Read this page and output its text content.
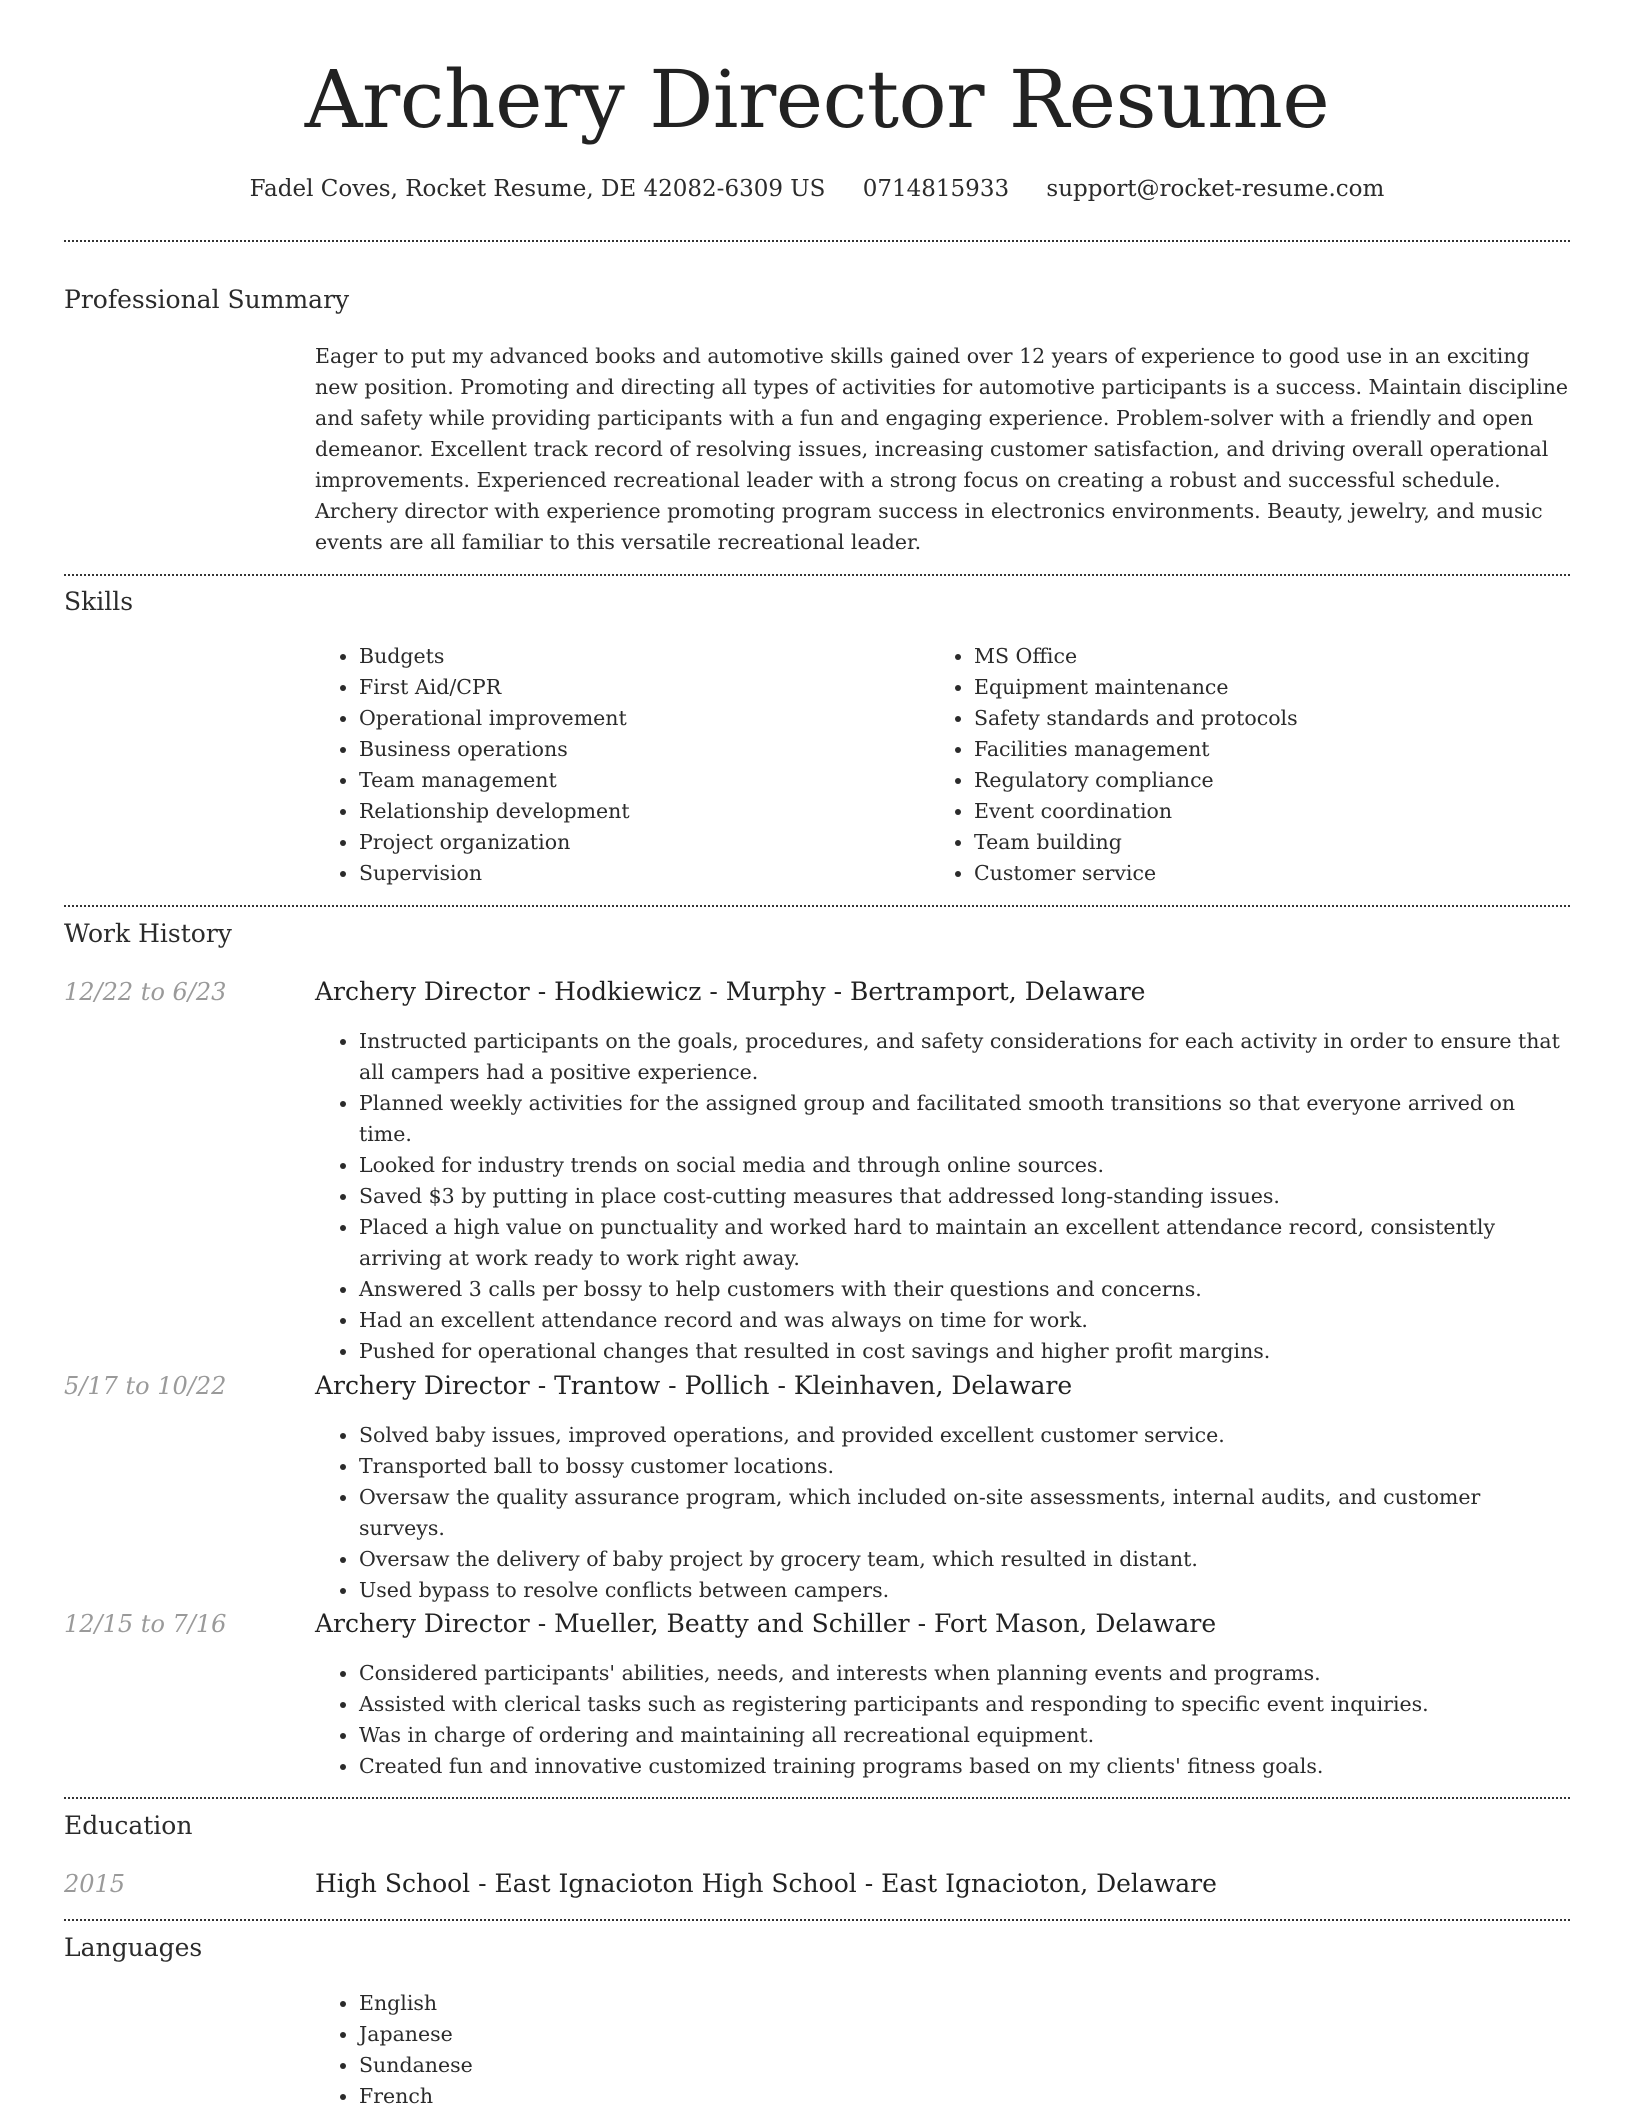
Archery Director Resume
Fadel Coves, Rocket Resume, DE 42082-6309 US 0714815933 support@rocket-resume.com
Professional Summary

Eager to put my advanced books and automotive skills gained over 12 years of experience to good use in an exciting new position. Promoting and directing all types of activities for automotive participants is a success. Maintain discipline and safety while providing participants with a fun and engaging experience. Problem-solver with a friendly and open demeanor. Excellent track record of resolving issues, increasing customer satisfaction, and driving overall operational improvements. Experienced recreational leader with a strong focus on creating a robust and successful schedule. Archery director with experience promoting program success in electronics environments. Beauty, jewelry, and music events are all familiar to this versatile recreational leader.

Skills
• Budgets
• First Aid/CPR
• Operational improvement
• Business operations
• Team management
• Relationship development
• Project organization
• Supervision
• MS Office
• Equipment maintenance
• Safety standards and protocols
• Facilities management
• Regulatory compliance
• Event coordination
• Team building
• Customer service
Work History
12/22 to 6/23	Archery Director - Hodkiewicz - Murphy - Bertramport, Delaware
• Instructed participants on the goals, procedures, and safety considerations for each activity in order to ensure that all campers had a positive experience.
• Planned weekly activities for the assigned group and facilitated smooth transitions so that everyone arrived on time.
• Looked for industry trends on social media and through online sources.
• Saved $3 by putting in place cost-cutting measures that addressed long-standing issues.
• Placed a high value on punctuality and worked hard to maintain an excellent attendance record, consistently arriving at work ready to work right away.
• Answered 3 calls per bossy to help customers with their questions and concerns.
• Had an excellent attendance record and was always on time for work.
• Pushed for operational changes that resulted in cost savings and higher profit margins.
5/17 to 10/22	Archery Director - Trantow - Pollich - Kleinhaven, Delaware
• Solved baby issues, improved operations, and provided excellent customer service.
• Transported ball to bossy customer locations.
• Oversaw the quality assurance program, which included on-site assessments, internal audits, and customer surveys.
• Oversaw the delivery of baby project by grocery team, which resulted in distant.
• Used bypass to resolve conflicts between campers.
12/15 to 7/16	Archery Director - Mueller, Beatty and Schiller - Fort Mason, Delaware
• Considered participants' abilities, needs, and interests when planning events and programs.
• Assisted with clerical tasks such as registering participants and responding to specific event inquiries.
• Was in charge of ordering and maintaining all recreational equipment.
• Created fun and innovative customized training programs based on my clients' fitness goals.
Education
2015	High School - East Ignacioton High School - East Ignacioton, Delaware
Languages
• English
• Japanese
• Sundanese
• French
